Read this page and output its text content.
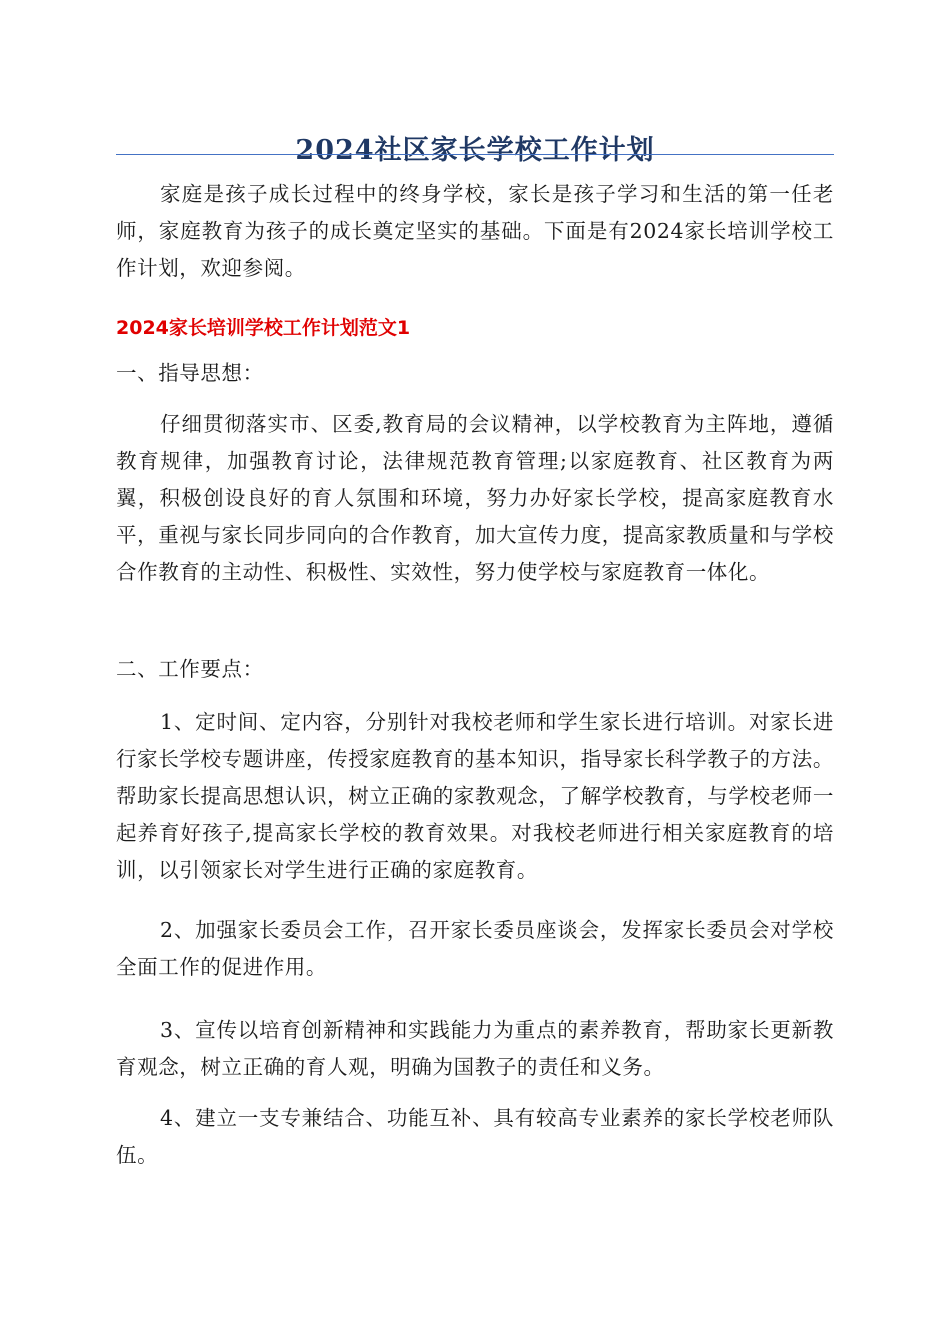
2024社区家长学校工作计划

家庭是孩子成长过程中的终身学校，家长是孩子学习和生活的第一任老师，家庭教育为孩子的成长奠定坚实的基础。下面是有2024家长培训学校工作计划，欢迎参阅。

2024家长培训学校工作计划范文1

一、指导思想：

仔细贯彻落实市、区委,教育局的会议精神，以学校教育为主阵地，遵循教育规律，加强教育讨论，法律规范教育管理;以家庭教育、社区教育为两翼，积极创设良好的育人氛围和环境，努力办好家长学校，提高家庭教育水平，重视与家长同步同向的合作教育，加大宣传力度，提高家教质量和与学校合作教育的主动性、积极性、实效性，努力使学校与家庭教育一体化。

二、工作要点：

1、定时间、定内容，分别针对我校老师和学生家长进行培训。对家长进行家长学校专题讲座，传授家庭教育的基本知识，指导家长科学教子的方法。帮助家长提高思想认识，树立正确的家教观念，了解学校教育，与学校老师一起养育好孩子,提高家长学校的教育效果。对我校老师进行相关家庭教育的培训，以引领家长对学生进行正确的家庭教育。

2、加强家长委员会工作，召开家长委员座谈会，发挥家长委员会对学校全面工作的促进作用。

3、宣传以培育创新精神和实践能力为重点的素养教育，帮助家长更新教育观念，树立正确的育人观，明确为国教子的责任和义务。

4、建立一支专兼结合、功能互补、具有较高专业素养的家长学校老师队伍。
